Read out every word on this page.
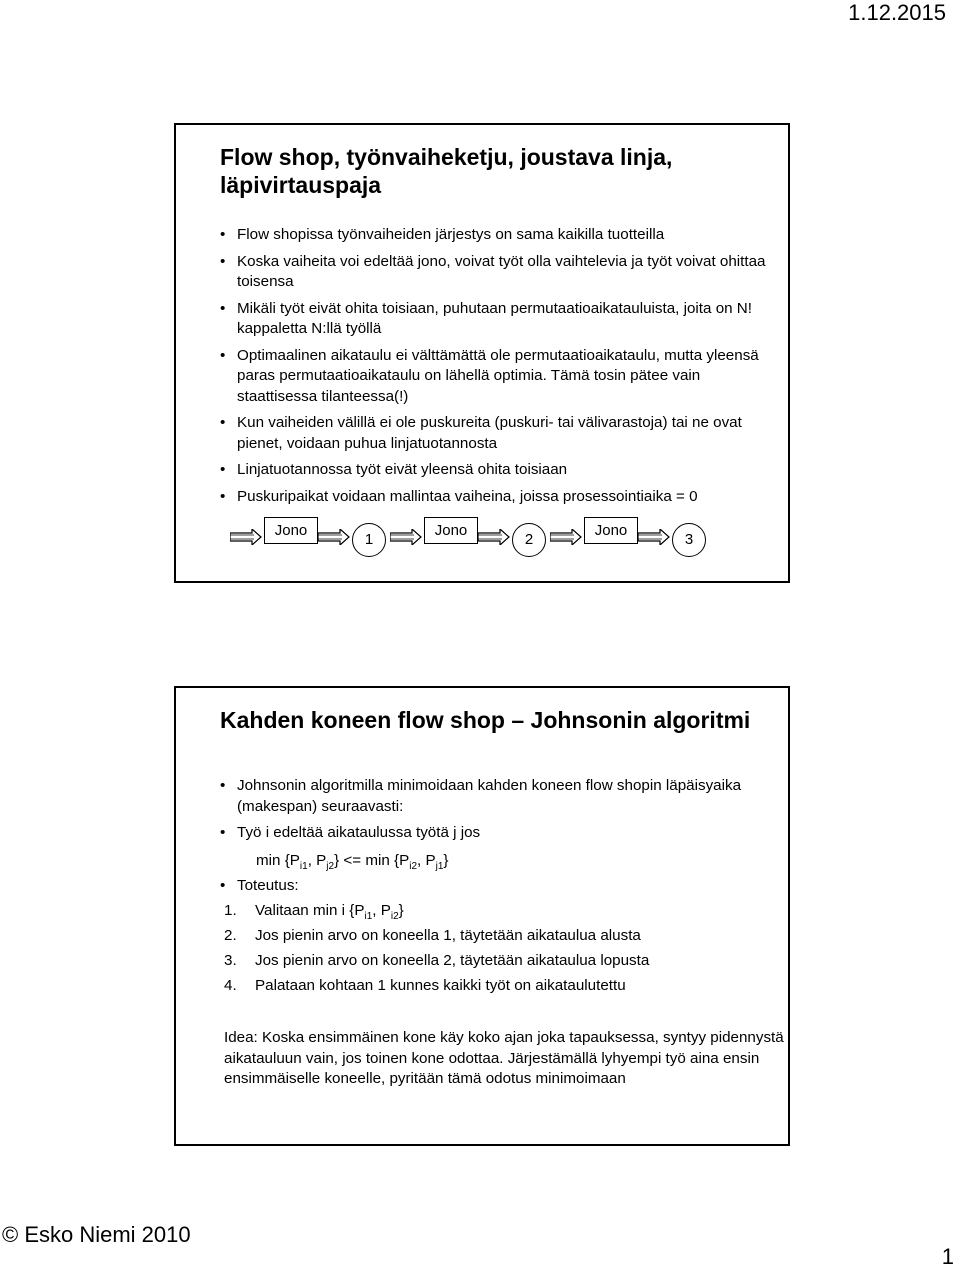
1.12.2015
Flow shop, työnvaiheketju, joustava linja, läpivirtauspaja
• Flow shopissa työnvaiheiden järjestys on sama kaikilla tuotteilla
• Koska vaiheita voi edeltää jono, voivat työt olla vaihtelevia ja työt voivat ohittaa toisensa
• Mikäli työt eivät ohita toisiaan, puhutaan permutaatioaikatauluista, joita on N! kappaletta N:llä työllä
• Optimaalinen aikataulu ei välttämättä ole permutaatioaikataulu, mutta yleensä paras permutaatioaikataulu on lähellä optimia. Tämä tosin pätee vain staattisessa tilanteessa(!)
• Kun vaiheiden välillä ei ole puskureita (puskuri- tai välivarastoja) tai ne ovat pienet, voidaan puhua linjatuotannosta
• Linjatuotannossa työt eivät yleensä ohita toisiaan
• Puskuripaikat voidaan mallintaa vaiheina, joissa prosessointiaika = 0
Jono
1
Jono
2
Jono
3
Kahden koneen flow shop – Johnsonin algoritmi
• Johnsonin algoritmilla minimoidaan kahden koneen flow shopin läpäisyaika (makespan) seuraavasti:
• Työ i edeltää aikataulussa työtä j jos

$\min \{P_{i1}$, $P_{j2}\} <= \min \{P_{i2}$, $P_{j1}$}

• Toteutus:
1. Valitaan min i {$P_{i1}$, $P_{i2}$}
2. Jos pienin arvo on koneella 1, täytetään aikataulua alusta
3. Jos pienin arvo on koneella 2, täytetään aikataulua lopusta
4. Palataan kohtaan 1 kunnes kaikki työt on aikataulutettu

Idea: Koska ensimmäinen kone käy koko ajan joka tapauksessa, syntyy pidennystä aikatauluun vain, jos toinen kone odottaa. Järjestämällä lyhyempi työ aina ensin ensimmäiselle koneelle, pyritään tämä odotus minimoimaan

© Esko Niemi 2010
1
